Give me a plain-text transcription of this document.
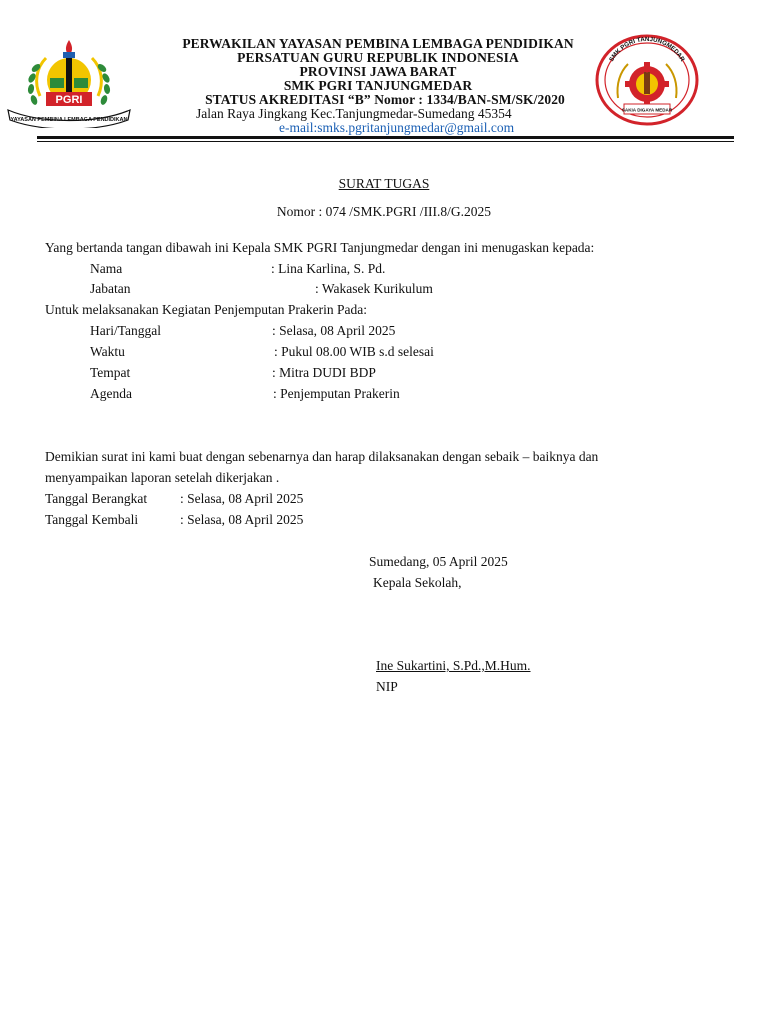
PGRI
YAYASAN PEMBINA LEMBAGA PENDIDIKAN
PERWAKILAN YAYASAN PEMBINA LEMBAGA PENDIDIKAN
PERSATUAN GURU REPUBLIK INDONESIA
PROVINSI JAWA BARAT
SMK PGRI TANJUNGMEDAR
STATUS AKREDITASI “B” Nomor : 1334/BAN-SM/SK/2020
Jalan Raya Jingkang Kec.Tanjungmedar-Sumedang 45354
e-mail:smks.pgritanjungmedar@gmail.com
SMK PGRI TANJUNGMEDAR
SAKIA DIGAYA MEDAR
SURAT TUGAS
Nomor : 074 /SMK.PGRI /III.8/G.2025
Yang bertanda tangan dibawah ini Kepala SMK PGRI Tanjungmedar dengan ini menugaskan kepada:
Nama	: Lina Karlina, S. Pd.
Jabatan	: Wakasek Kurikulum
Untuk melaksanakan Kegiatan Penjemputan Prakerin Pada:
Hari/Tanggal	: Selasa, 08 April 2025
Waktu	: Pukul 08.00 WIB s.d selesai
Tempat	: Mitra DUDI BDP
Agenda	: Penjemputan Prakerin
Demikian surat ini kami buat dengan sebenarnya dan harap dilaksanakan dengan sebaik – baiknya dan
menyampaikan laporan setelah dikerjakan .
Tanggal Berangkat : Selasa, 08 April 2025
Tanggal Kembali	: Selasa, 08 April 2025
Sumedang, 05 April 2025
Kepala Sekolah,
Ine Sukartini, S.Pd.,M.Hum.
NIP
